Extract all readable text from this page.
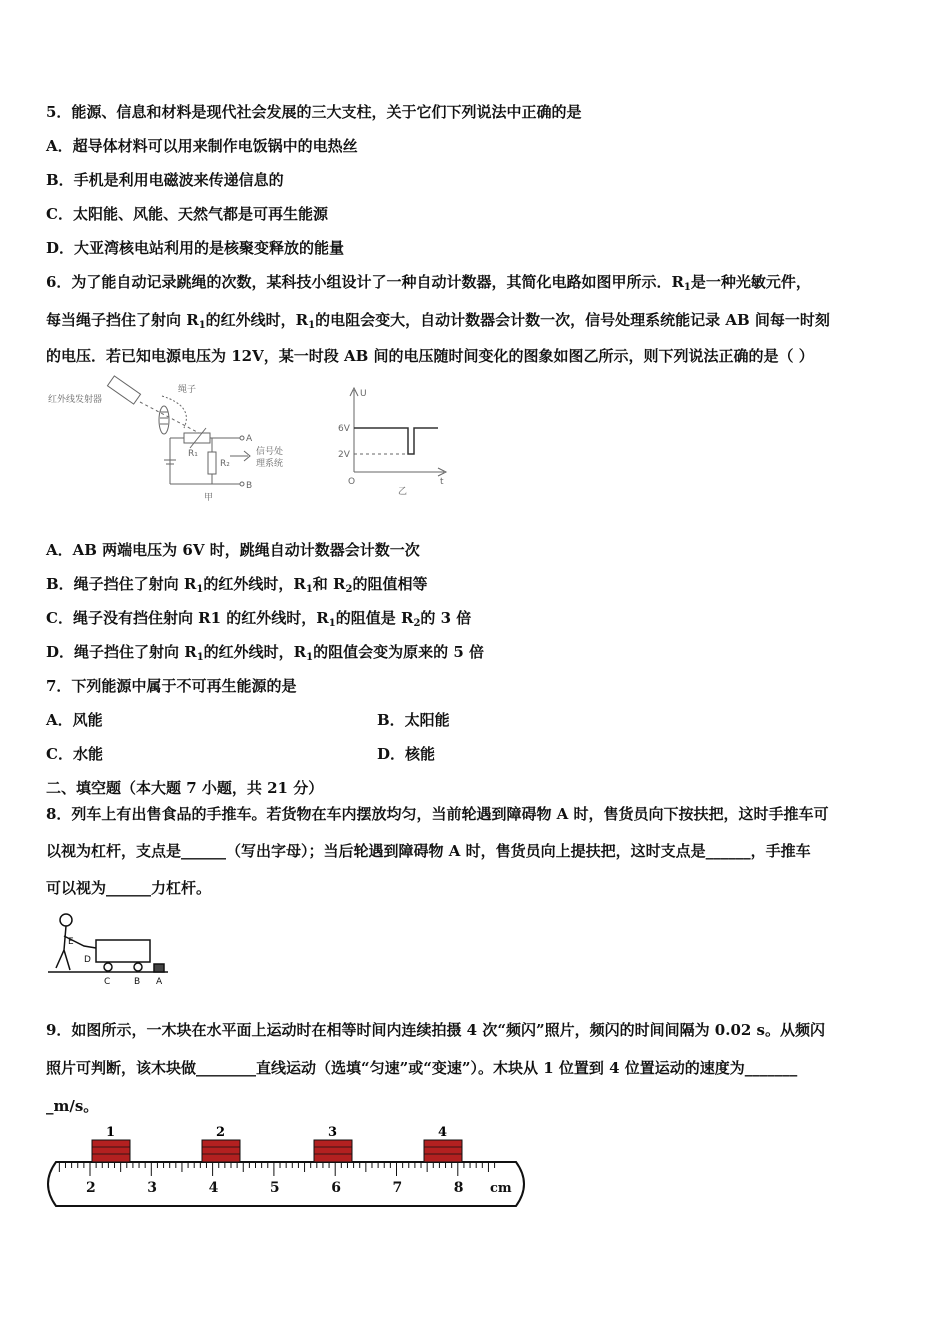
5．能源、信息和材料是现代社会发展的三大支柱，关于它们下列说法中正确的是
A．超导体材料可以用来制作电饭锅中的电热丝
B．手机是利用电磁波来传递信息的
C．太阳能、风能、天然气都是可再生能源
D．大亚湾核电站利用的是核聚变释放的能量
6．为了能自动记录跳绳的次数，某科技小组设计了一种自动计数器，其简化电路如图甲所示．$R_1$是一种光敏元件，
每当绳子挡住了射向 $R_1$的红外线时，$R_1$的电阻会变大，自动计数器会计数一次，信号处理系统能记录 AB 间每一时刻
的电压．若已知电源电压为 12V，某一时段 AB 间的电压随时间变化的图象如图乙所示，则下列说法正确的是（ ）
红外线发射器
绳子
R₁
R₂
A
B
信号处
理系统
甲
U
6V
2V
O
乙
t
A．AB 两端电压为 6V 时，跳绳自动计数器会计数一次
B．绳子挡住了射向 $R_1$的红外线时，$R_1$和 $R_2$的阻值相等
C．绳子没有挡住射向 R1 的红外线时，$R_1$的阻值是 $R_2$的 3 倍
D．绳子挡住了射向 $R_1$的红外线时，$R_1$的阻值会变为原来的 5 倍
7．下列能源中属于不可再生能源的是
A．风能	B．太阳能
C．水能	D．核能
二、填空题（本大题 7 小题，共 21 分）
8．列车上有出售食品的手推车。若货物在车内摆放均匀，当前轮遇到障碍物 A 时，售货员向下按扶把，这时手推车可
以视为杠杆，支点是______（写出字母）；当后轮遇到障碍物 A 时，售货员向上提扶把，这时支点是______，手推车
可以视为______力杠杆。
E
D
C	B A
9．如图所示，一木块在水平面上运动时在相等时间内连续拍摄 4 次“频闪”照片，频闪的时间间隔为 0.02 s。从频闪
照片可判断，该木块做________直线运动（选填“匀速”或“变速”）。木块从 1 位置到 4 位置运动的速度为_______
_m/s。
1	2	3	4
2	3	4	5	6	7	8 cm
